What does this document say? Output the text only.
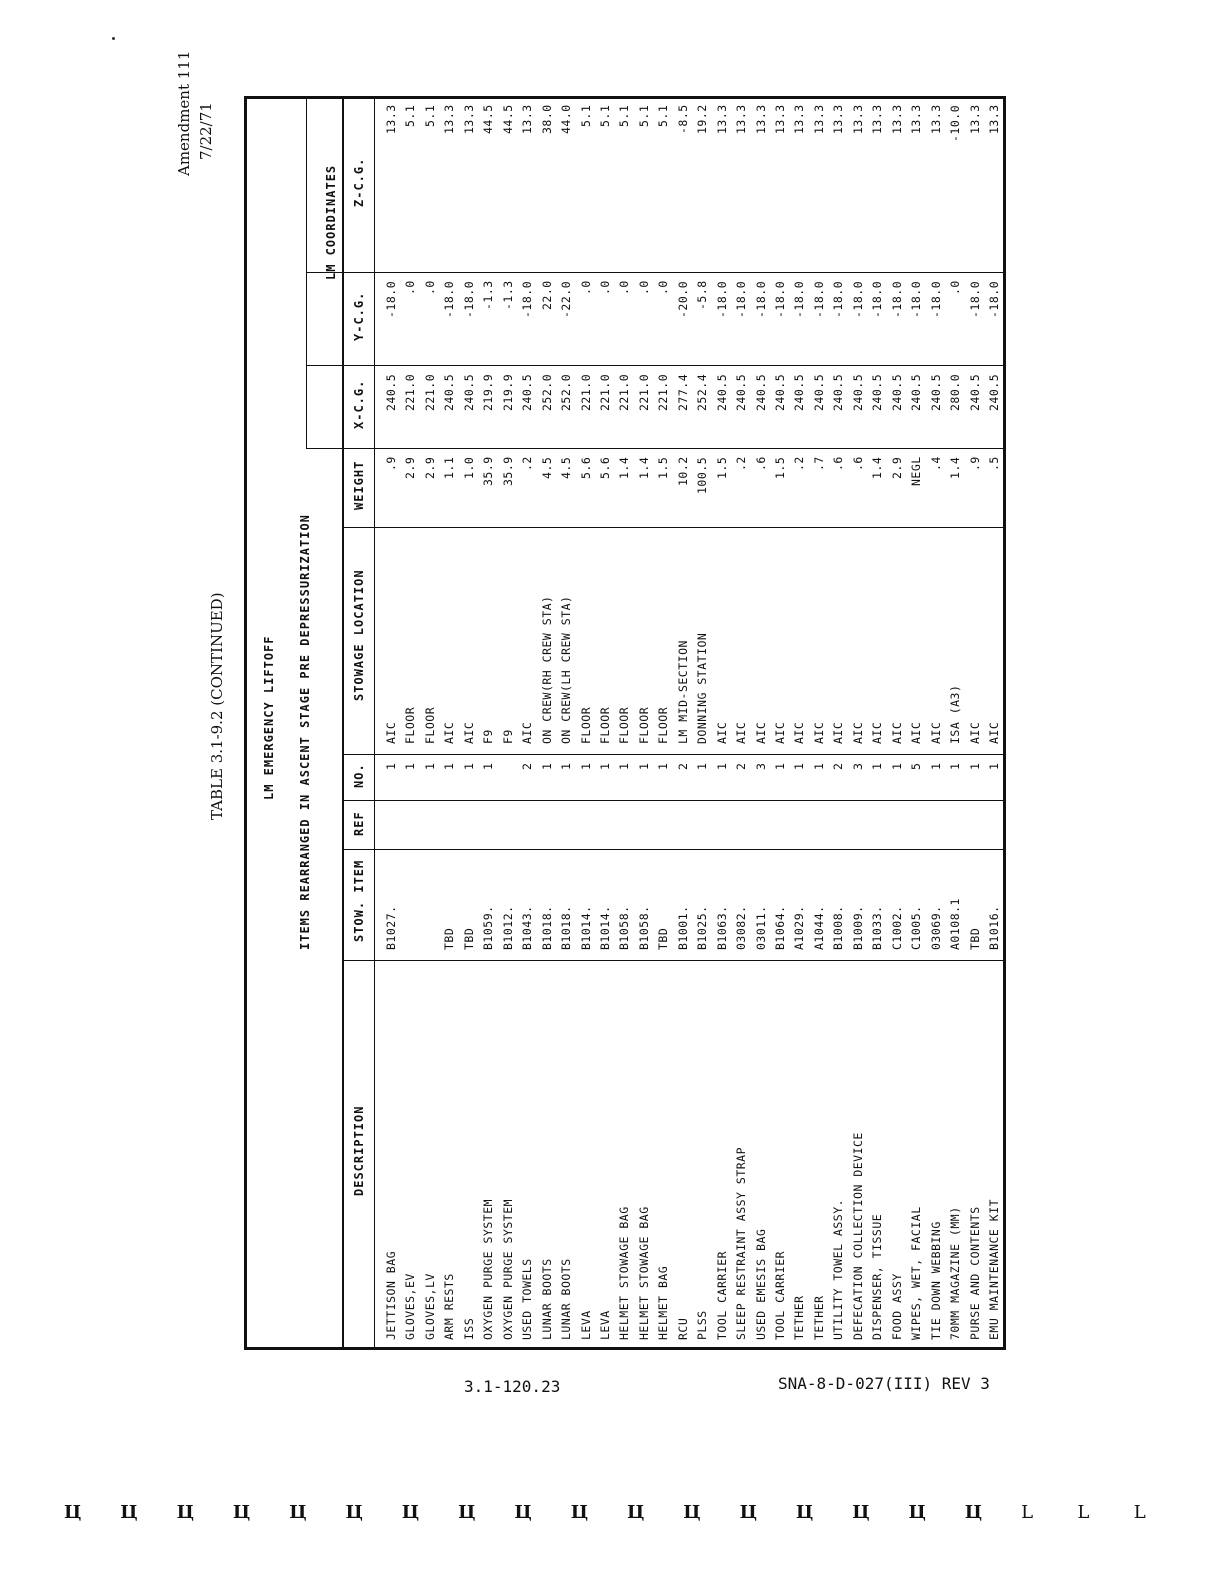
Amendment 111 7/22/71
TABLE 3.1-9.2 (CONTINUED)	LM EMERGENCY LIFTOFF ITEMS REARRANGED IN ASCENT STAGE PRE DEPRESSURIZATION
LM COORDINATES
DESCRIPTION
STOW. ITEM
REF
NO.
STOWAGE LOCATION
WEIGHT
X-C.G.
Y-C.G.
Z-C.G.
JETTISON BAG
B1027.
1
AIC
.9
240.5
-18.0
13.3
GLOVES,EV
1
FLOOR
2.9
221.0
.0
5.1
GLOVES,LV
1
FLOOR
2.9
221.0
.0
5.1
ARM RESTS
TBD
1
AIC
1.1
240.5
-18.0
13.3
ISS
TBD
1
AIC
1.0
240.5
-18.0
13.3
OXYGEN PURGE SYSTEM
B1059.
1
F9
35.9
219.9
-1.3
44.5
OXYGEN PURGE SYSTEM
B1012.
F9
35.9
219.9
-1.3
44.5
USED TOWELS
B1043.
2
AIC
.2
240.5
-18.0
13.3
LUNAR BOOTS
B1018.
1
ON CREW(RH CREW STA)
4.5
252.0
22.0
38.0
LUNAR BOOTS
B1018.
1
ON CREW(LH CREW STA)
4.5
252.0
-22.0
44.0
LEVA
B1014.
1
FLOOR
5.6
221.0
.0
5.1
LEVA
B1014.
1
FLOOR
5.6
221.0
.0
5.1
HELMET STOWAGE BAG
B1058.
1
FLOOR
1.4
221.0
.0
5.1
HELMET STOWAGE BAG
B1058.
1
FLOOR
1.4
221.0
.0
5.1
HELMET BAG
TBD
1
FLOOR
1.5
221.0
.0
5.1
RCU
B1001.
2
LM MID-SECTION
10.2
277.4
-20.0
-8.5
PLSS
B1025.
1
DONNING STATION
100.5
252.4
-5.8
19.2
TOOL CARRIER
B1063.
1
AIC
1.5
240.5
-18.0
13.3
SLEEP RESTRAINT ASSY STRAP
03082.
2
AIC
.2
240.5
-18.0
13.3
USED EMESIS BAG
03011.
3
AIC
.6
240.5
-18.0
13.3
TOOL CARRIER
B1064.
1
AIC
1.5
240.5
-18.0
13.3
TETHER
A1029.
1
AIC
.2
240.5
-18.0
13.3
TETHER
A1044.
1
AIC
.7
240.5
-18.0
13.3
UTILITY TOWEL ASSY.
B1008.
2
AIC
.6
240.5
-18.0
13.3
DEFECATION COLLECTION DEVICE
B1009.
3
AIC
.6
240.5
-18.0
13.3
DISPENSER, TISSUE
B1033.
1
AIC
1.4
240.5
-18.0
13.3
FOOD ASSY
C1002.
1
AIC
2.9
240.5
-18.0
13.3
WIPES, WET, FACIAL
C1005.
5
AIC
NEGL
240.5
-18.0
13.3
TIE DOWN WEBBING
03069.
1
AIC
.4
240.5
-18.0
13.3
70MM MAGAZINE (MM)
A0108.1
1
ISA (A3)
1.4
280.0
.0
-10.0
PURSE AND CONTENTS
TBD
1
AIC
.9
240.5
-18.0
13.3
EMU MAINTENANCE KIT
B1016.
1
AIC
.5
240.5
-18.0
13.3
3.1-120.23	SNA-8-D-027(III) REV 3
Ц Ц Ц Ц Ц Ц Ц Ц Ц Ц Ц Ц Ц Ц Ц Ц Ц L L L
